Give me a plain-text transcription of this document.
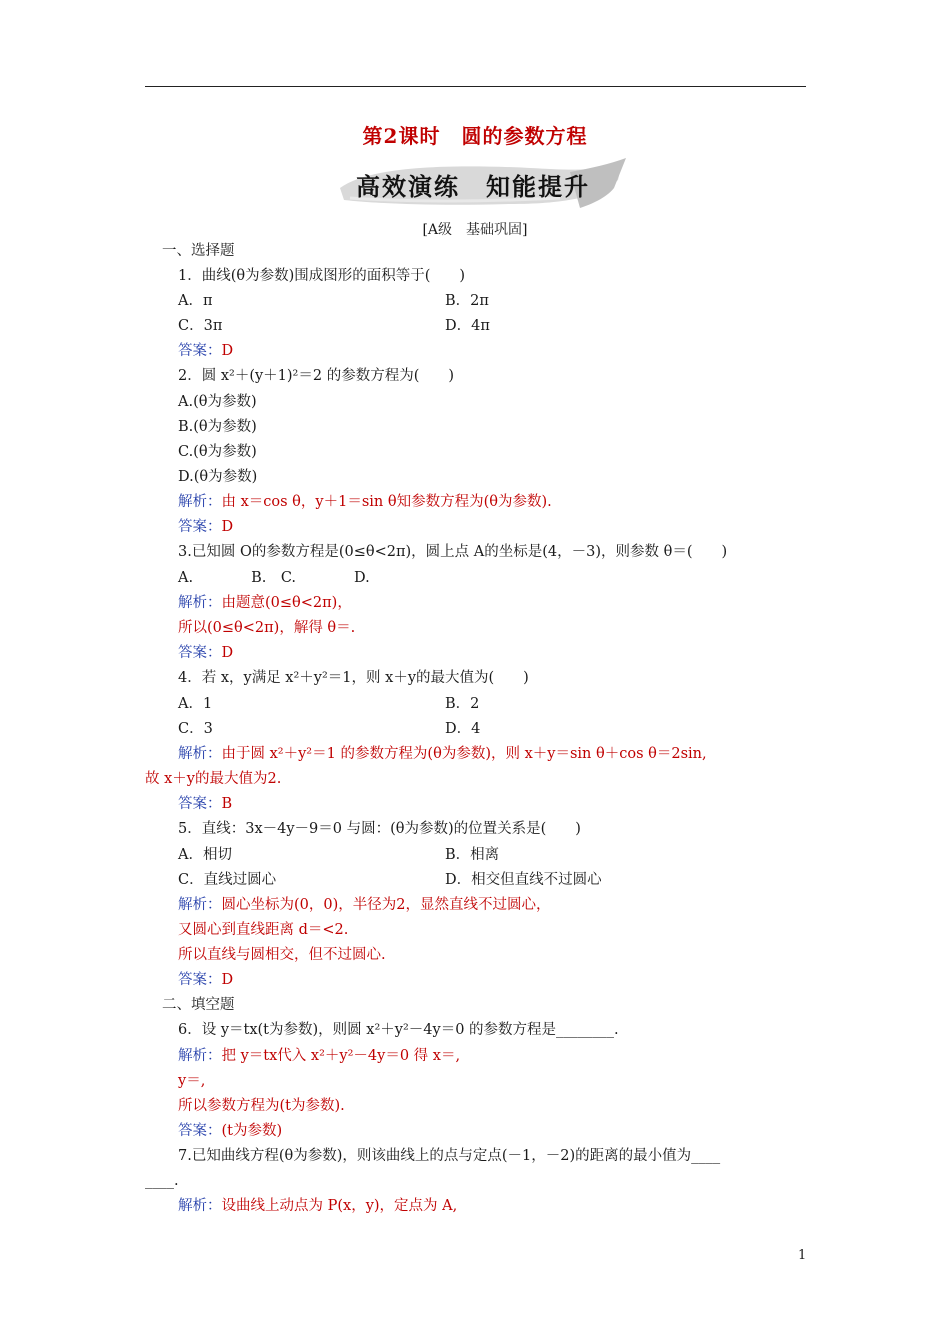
第2课时　圆的参数方程
高效演练　知能提升
[A级　基础巩固]
一、选择题
1．曲线(θ为参数)围成图形的面积等于(　　)
A．π
C．3π
2．圆 x²＋(y＋1)²＝2 的参数方程为(　　)
A.(θ为参数)
B.(θ为参数)
C.(θ为参数)
D.(θ为参数)
3.已知圆 O的参数方程是(0≤θ<2π)，圆上点 A的坐标是(4，－3)，则参数 θ＝(　　)
A.　　　　B.　C.　　　　D.
所以(0≤θ<2π)，解得 θ＝.
4．若 x，y满足 x²＋y²＝1，则 x＋y的最大值为(　　)
A．1
C．3
故 x＋y的最大值为2.
5．直线：3x－4y－9＝0 与圆：(θ为参数)的位置关系是(　　)
A．相切
C．直线过圆心
又圆心到直线距离 d＝<2.
所以直线与圆相交，但不过圆心.
二、填空题
6．设 y＝tx(t为参数)，则圆 x²＋y²－4y＝0 的参数方程是________.
y＝,
所以参数方程为(t为参数).
7.已知曲线方程(θ为参数)，则该曲线上的点与定点(－1，－2)的距离的最小值为____
____.
B．2π
D．4π
B．2
D．4
B．相离
D．相交但直线不过圆心
答案：D
解析：由 x＝cos θ，y＋1＝sin θ知参数方程为(θ为参数).
答案：D
解析：由题意(0≤θ<2π)，
答案：D
解析：由于圆 x²＋y²＝1 的参数方程为(θ为参数)，则 x＋y＝sin θ＋cos θ＝2sin,
答案：B
解析：圆心坐标为(0，0)，半径为2，显然直线不过圆心，
答案：D
解析：把 y＝tx代入 x²＋y²－4y＝0 得 x＝,
答案：(t为参数)
解析：设曲线上动点为 P(x，y)，定点为 A,
1
